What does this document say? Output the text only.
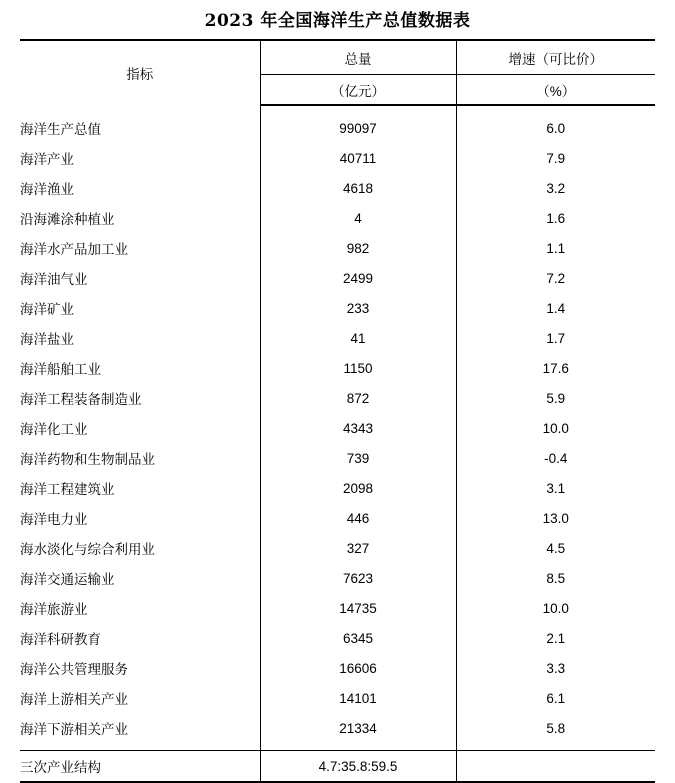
2023 年全国海洋生产总值数据表
指标	总量	增速（可比价）
	（亿元）	（%）

海洋生产总值	99097	6.0
海洋产业	40711	7.9
海洋渔业	4618	3.2
沿海滩涂种植业	4	1.6
海洋水产品加工业	982	1.1
海洋油气业	2499	7.2
海洋矿业	233	1.4
海洋盐业	41	1.7
海洋船舶工业	1150	17.6
海洋工程装备制造业	872	5.9
海洋化工业	4343	10.0
海洋药物和生物制品业	739	-0.4
海洋工程建筑业	2098	3.1
海洋电力业	446	13.0
海水淡化与综合利用业	327	4.5
海洋交通运输业	7623	8.5
海洋旅游业	14735	10.0
海洋科研教育	6345	2.1
海洋公共管理服务	16606	3.3
海洋上游相关产业	14101	6.1
海洋下游相关产业	21334	5.8

三次产业结构	4.7:35.8:59.5	
